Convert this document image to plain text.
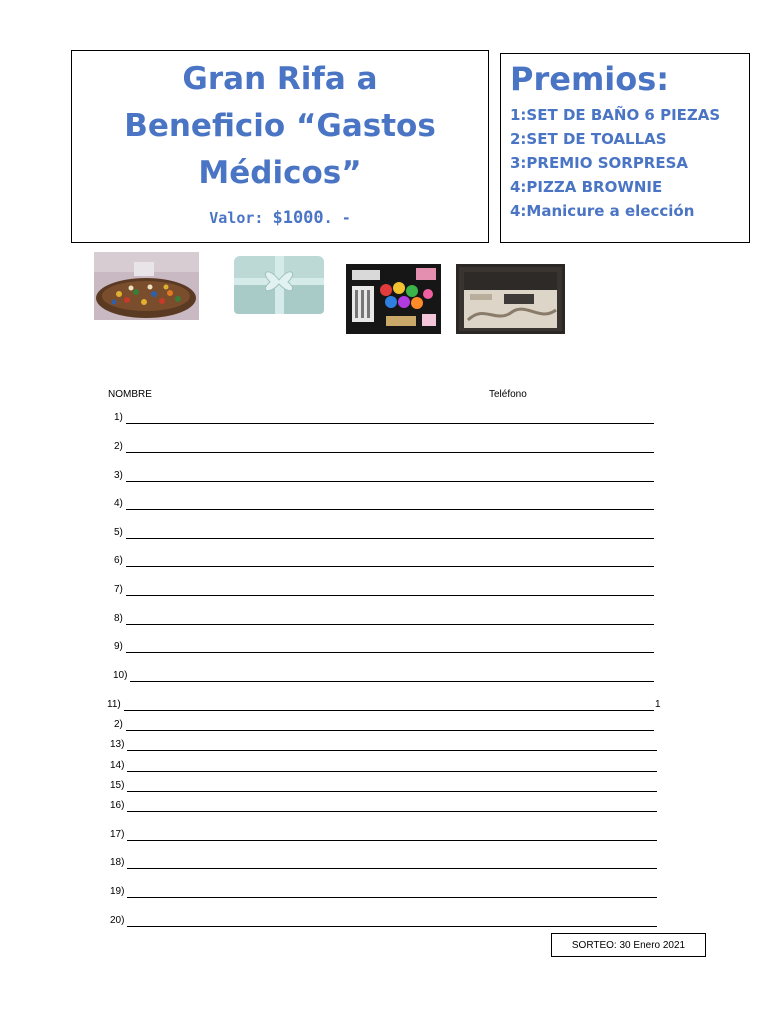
Gran Rifa a
Beneficio “Gastos
Médicos”
Valor: $1000. -
Premios:
1:SET DE BAÑO 6 PIEZAS
2:SET DE TOALLAS
3:PREMIO SORPRESA
4:PIZZA BROWNIE
4:Manicure a elección
NOMBRE	Teléfono
1)
2)
3)
4)
5)
6)
7)
8)
9)
10)
11)	1
2)
13)
14)
15)
16)
17)
18)
19)
20)
SORTEO: 30 Enero 2021
